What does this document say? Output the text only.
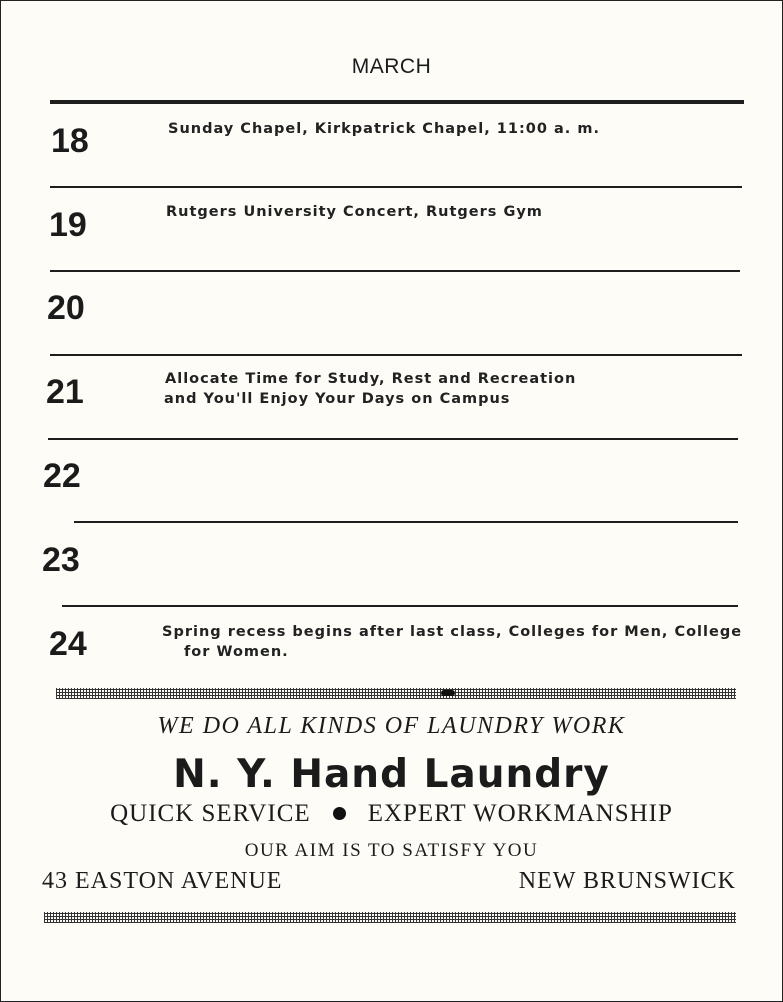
MARCH
18
19
20
21
22
23
24
Sunday Chapel, Kirkpatrick Chapel, 11:00 a. m.
Rutgers University Concert, Rutgers Gym
Allocate Time for Study, Rest and Recreation
and You'll Enjoy Your Days on Campus
Spring recess begins after last class, Colleges for Men, College
for Women.
WE DO ALL KINDS OF LAUNDRY WORK
N. Y. Hand Laundry
QUICK SERVICE EXPERT WORKMANSHIP
OUR AIM IS TO SATISFY YOU
43 EASTON AVENUE	NEW BRUNSWICK
